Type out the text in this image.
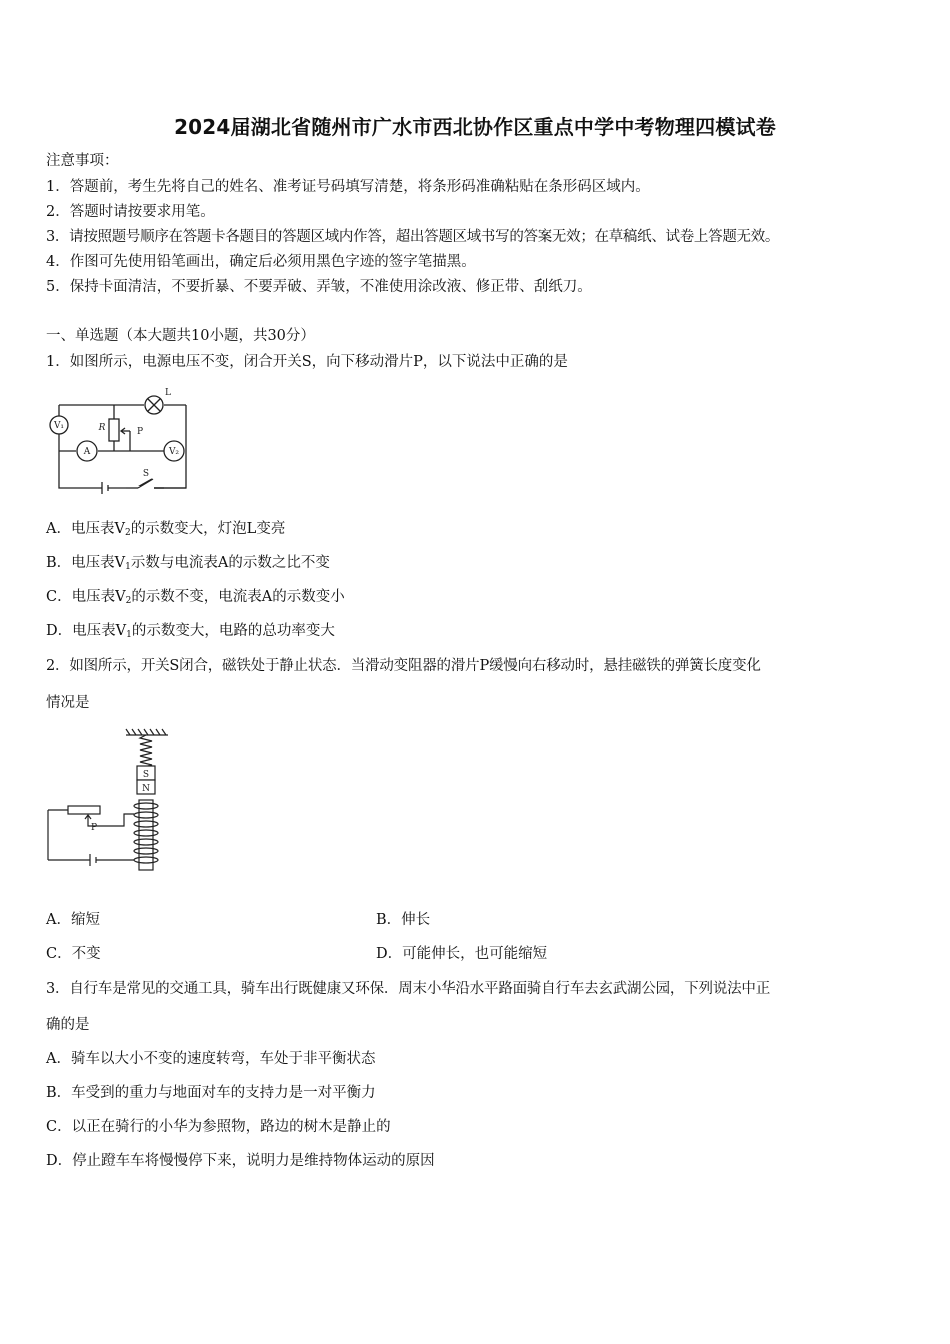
2024届湖北省随州市广水市西北协作区重点中学中考物理四模试卷
注意事项：
1．答题前，考生先将自己的姓名、准考证号码填写清楚，将条形码准确粘贴在条形码区域内。
2．答题时请按要求用笔。
3．请按照题号顺序在答题卡各题目的答题区域内作答，超出答题区域书写的答案无效；在草稿纸、试卷上答题无效。
4．作图可先使用铅笔画出，确定后必须用黑色字迹的签字笔描黑。
5．保持卡面清洁，不要折暴、不要弄破、弄皱，不准使用涂改液、修正带、刮纸刀。
一、单选题（本大题共10小题，共30分）
1．如图所示，电源电压不变，闭合开关S，向下移动滑片P，以下说法中正确的是
V₁
A	V₂
R	P
L
S
A．电压表$V_2$的示数变大，灯泡L变亮
B．电压表$V_1$示数与电流表A的示数之比不变
C．电压表$V_2$的示数不变，电流表A的示数变小
D．电压表$V_1$的示数变大，电路的总功率变大
2．如图所示，开关S闭合，磁铁处于静止状态．当滑动变阻器的滑片P缓慢向右移动时，悬挂磁铁的弹簧长度变化
情况是
S
N
P
A．缩短	B．伸长
C．不变	D．可能伸长，也可能缩短
3．自行车是常见的交通工具，骑车出行既健康又环保．周末小华沿水平路面骑自行车去玄武湖公园，下列说法中正
确的是
A．骑车以大小不变的速度转弯，车处于非平衡状态
B．车受到的重力与地面对车的支持力是一对平衡力
C．以正在骑行的小华为参照物，路边的树木是静止的
D．停止蹬车车将慢慢停下来，说明力是维持物体运动的原因
